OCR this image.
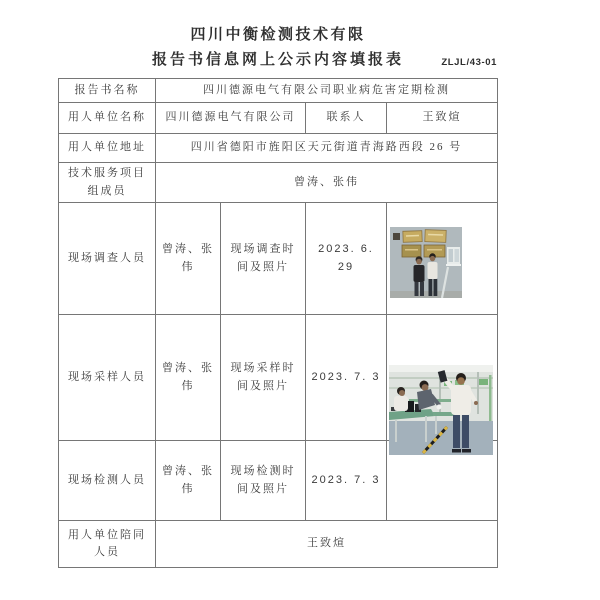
四川中衡检测技术有限
报告书信息网上公示内容填报表	ZLJL/43-01
报告书名称	四川德源电气有限公司职业病危害定期检测			
用人单位名称	四川德源电气有限公司		联系人	王致煊
用人单位地址	四川省德阳市旌阳区天元街道青海路西段 26 号			
技术服务项目组成员	曾涛、张伟			
现场调查人员	曾涛、张伟	现场调查时间及照片	2023. 6. 29	
现场采样人员	曾涛、张伟	现场采样时间及照片	2023. 7. 3	
现场检测人员	曾涛、张伟	现场检测时间及照片	2023. 7. 3	
用人单位陪同人员	王致煊			
